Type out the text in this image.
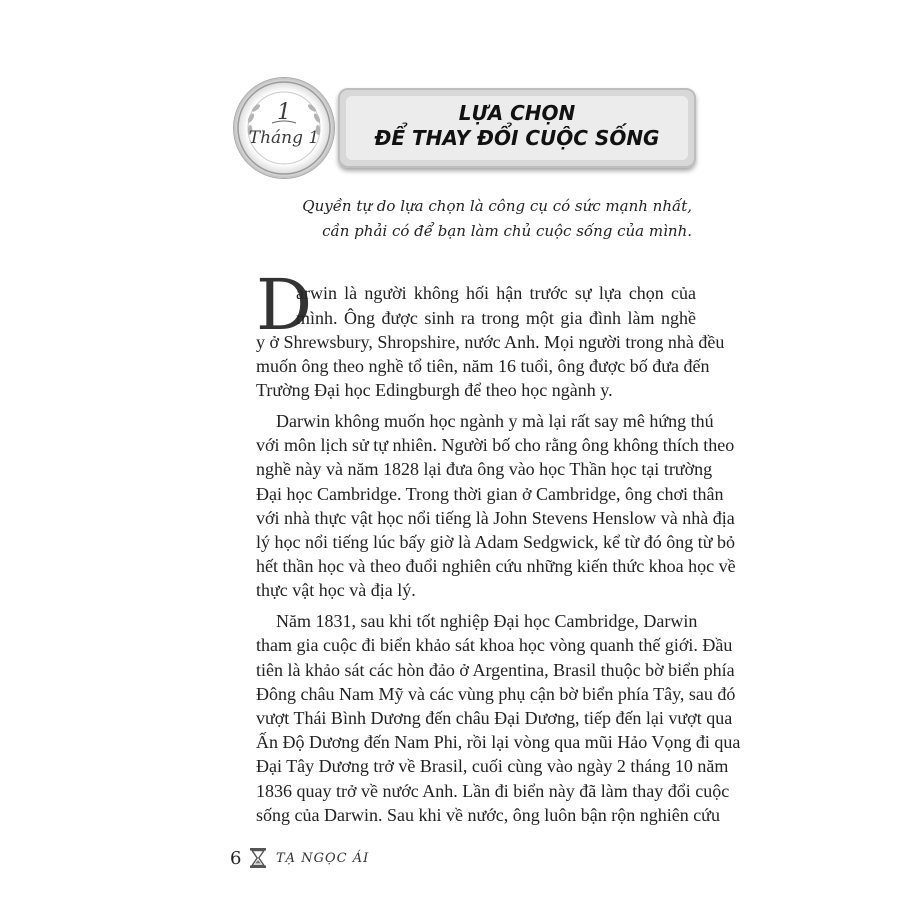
1
Tháng 1
LỰA CHỌN
ĐỂ THAY ĐỔI CUỘC SỐNG
Quyền tự do lựa chọn là công cụ có sức mạnh nhất,
cần phải có để bạn làm chủ cuộc sống của mình.
D
arwin là người không hối hận trước sự lựa chọn của
mình. Ông được sinh ra trong một gia đình làm nghề
y ở Shrewsbury, Shropshire, nước Anh. Mọi người trong nhà đều
muốn ông theo nghề tổ tiên, năm 16 tuổi, ông được bố đưa đến
Trường Đại học Edingburgh để theo học ngành y.
Darwin không muốn học ngành y mà lại rất say mê hứng thú
với môn lịch sử tự nhiên. Người bố cho rằng ông không thích theo
nghề này và năm 1828 lại đưa ông vào học Thần học tại trường
Đại học Cambridge. Trong thời gian ở Cambridge, ông chơi thân
với nhà thực vật học nổi tiếng là John Stevens Henslow và nhà địa
lý học nổi tiếng lúc bấy giờ là Adam Sedgwick, kể từ đó ông từ bỏ
hết thần học và theo đuổi nghiên cứu những kiến thức khoa học về
thực vật học và địa lý.
Năm 1831, sau khi tốt nghiệp Đại học Cambridge, Darwin
tham gia cuộc đi biển khảo sát khoa học vòng quanh thế giới. Đầu
tiên là khảo sát các hòn đảo ở Argentina, Brasil thuộc bờ biển phía
Đông châu Nam Mỹ và các vùng phụ cận bờ biển phía Tây, sau đó
vượt Thái Bình Dương đến châu Đại Dương, tiếp đến lại vượt qua
Ấn Độ Dương đến Nam Phi, rồi lại vòng qua mũi Hảo Vọng đi qua
Đại Tây Dương trở về Brasil, cuối cùng vào ngày 2 tháng 10 năm
1836 quay trở về nước Anh. Lần đi biển này đã làm thay đổi cuộc
sống của Darwin. Sau khi về nước, ông luôn bận rộn nghiên cứu
6	TẠ NGỌC ÁI
